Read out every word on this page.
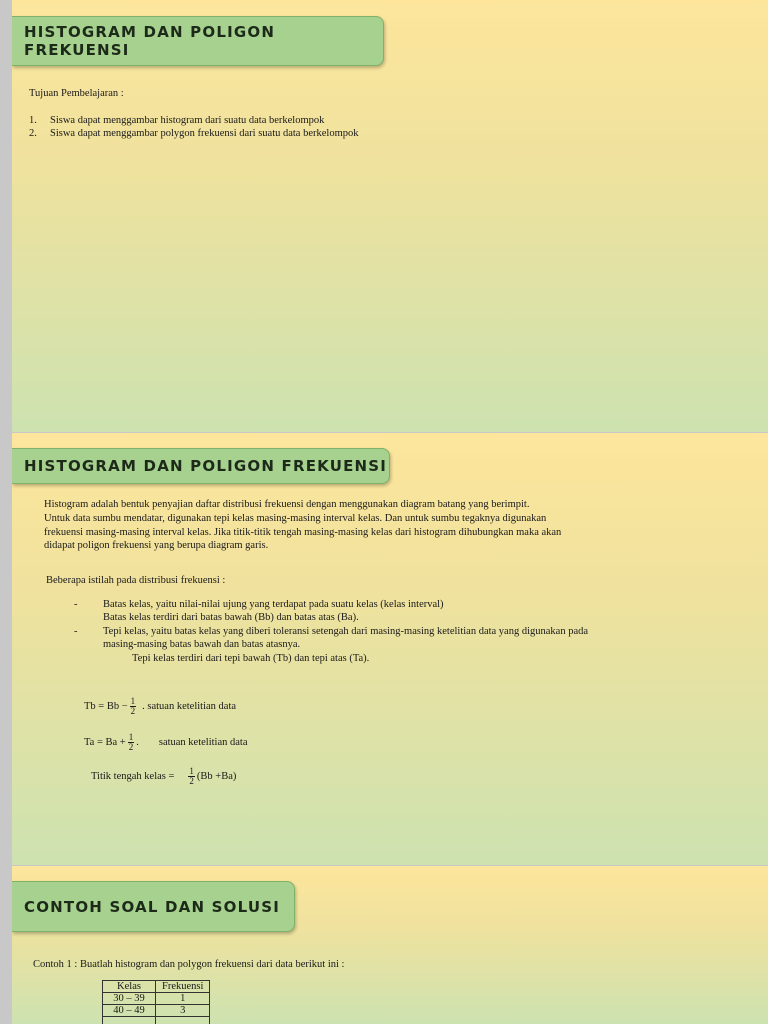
HISTOGRAM DAN POLIGON FREKUENSI
Tujuan Pembelajaran :
1. Siswa dapat menggambar histogram dari suatu data berkelompok
2. Siswa dapat menggambar polygon frekuensi dari suatu data berkelompok
HISTOGRAM DAN POLIGON FREKUENSI
Histogram adalah bentuk penyajian daftar distribusi frekuensi dengan menggunakan diagram batang yang berimpit.
Untuk data sumbu mendatar, digunakan tepi kelas masing-masing interval kelas. Dan untuk sumbu tegaknya digunakan
frekuensi masing-masing interval kelas. Jika titik-titik tengah masing-masing kelas dari histogram dihubungkan maka akan
didapat poligon frekuensi yang berupa diagram garis.
Beberapa istilah pada distribusi frekuensi :
- Batas kelas, yaitu nilai-nilai ujung yang terdapat pada suatu kelas (kelas interval)
Batas kelas terdiri dari batas bawah (Bb) dan batas atas (Ba).
- Tepi kelas, yaitu batas kelas yang diberi toleransi setengah dari masing-masing ketelitian data yang digunakan pada
masing-masing batas bawah dan batas atasnya.
Tepi kelas terdiri dari tepi bawah (Tb) dan tepi atas (Ta).
$Tb = Bb - \frac{1}{2}$ . satuan ketelitian data
$Ta = Ba + \frac{1}{2}$ . satuan ketelitian data
Titik tengah kelas = $\frac{1}{2} (Bb +Ba)$
CONTOH SOAL DAN SOLUSI
Contoh 1 : Buatlah histogram dan polygon frekuensi dari data berikut ini :
Kelas	Frekuensi
30 – 39	1
40 – 49	3
